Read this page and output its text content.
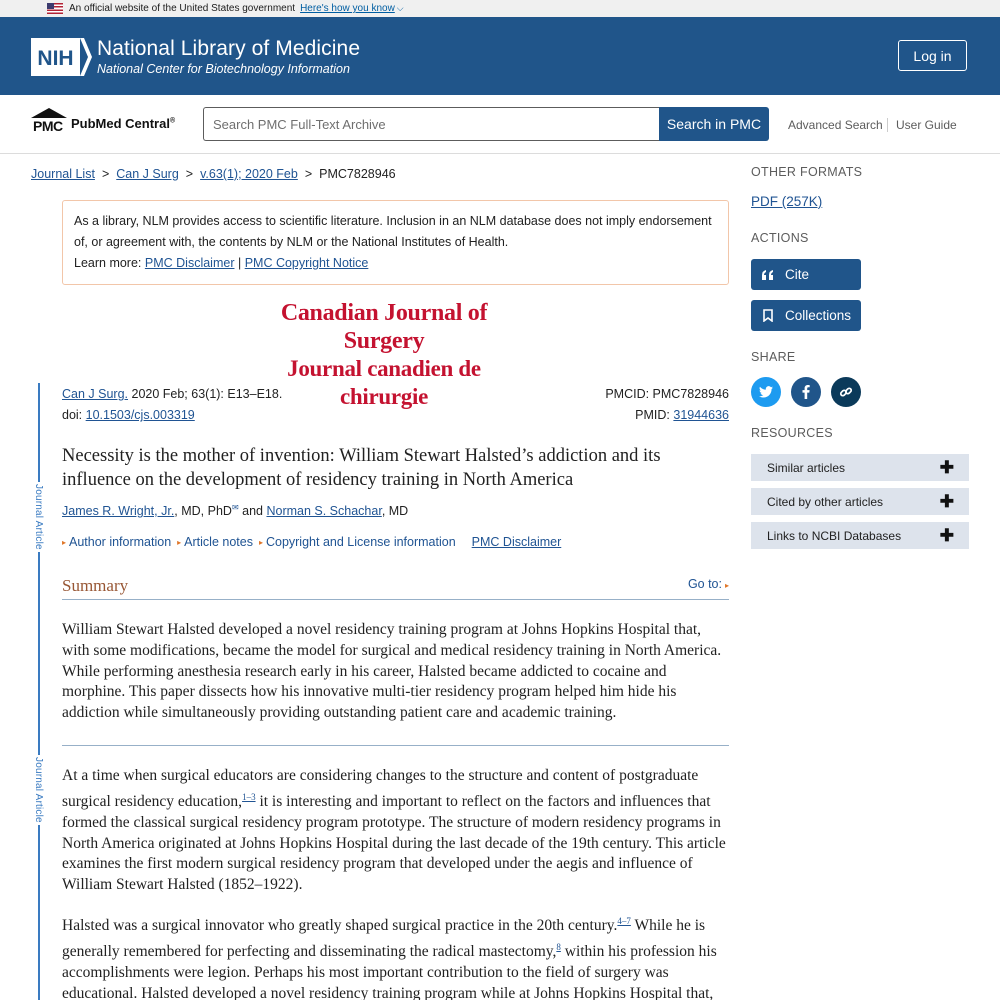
An official website of the United States government Here's how you know ⌵
NIH National Library of Medicine
National Center for Biotechnology Information
Log in
PMC PubMed Central®
Search PMC Full-Text Archive	Search in PMC	Advanced Search User Guide
Journal List > Can J Surg > v.63(1); 2020 Feb > PMC7828946
As a library, NLM provides access to scientific literature. Inclusion in an NLM database does not imply endorsement of, or agreement with, the contents by NLM or the National Institutes of Health.
Learn more: PMC Disclaimer | PMC Copyright Notice
Canadian Journal of Surgery
Journal canadien de chirurgie
Journal Article
Journal Article
Can J Surg. 2020 Feb; 63(1): E13–E18.
doi: 10.1503/cjs.003319
PMCID: PMC7828946
PMID: 31944636
Necessity is the mother of invention: William Stewart Halsted’s addiction and its influence on the development of residency training in North America
James R. Wright, Jr., MD, PhD✉ and Norman S. Schachar, MD
▸ Author information ▸ Article notes ▸ Copyright and License information PMC Disclaimer
Summary	Go to: ▸

William Stewart Halsted developed a novel residency training program at Johns Hopkins Hospital that, with some modifications, became the model for surgical and medical residency training in North America. While performing anesthesia research early in his career, Halsted became addicted to cocaine and morphine. This paper dissects how his innovative multi-tier residency program helped him hide his addiction while simultaneously providing outstanding patient care and academic training.

At a time when surgical educators are considering changes to the structure and content of postgraduate surgical residency education,$^{1-3}$ it is interesting and important to reflect on the factors and influences that formed the classical surgical residency program prototype. The structure of modern residency programs in North America originated at Johns Hopkins Hospital during the last decade of the 19th century. This article examines the first modern surgical residency program that developed under the aegis and influence of William Stewart Halsted (1852–1922).

Halsted was a surgical innovator who greatly shaped surgical practice in the 20th century.$^{4-7}$ While he is generally remembered for perfecting and disseminating the radical mastectomy,$^8$ within his profession his accomplishments were legion. Perhaps his most important contribution to the field of surgery was educational. Halsted developed a novel residency training program while at Johns Hopkins Hospital that,

OTHER FORMATS
PDF (257K)
ACTIONS
Cite
Collections
SHARE
RESOURCES
Similar articles	✚
Cited by other articles	✚
Links to NCBI Databases ✚
